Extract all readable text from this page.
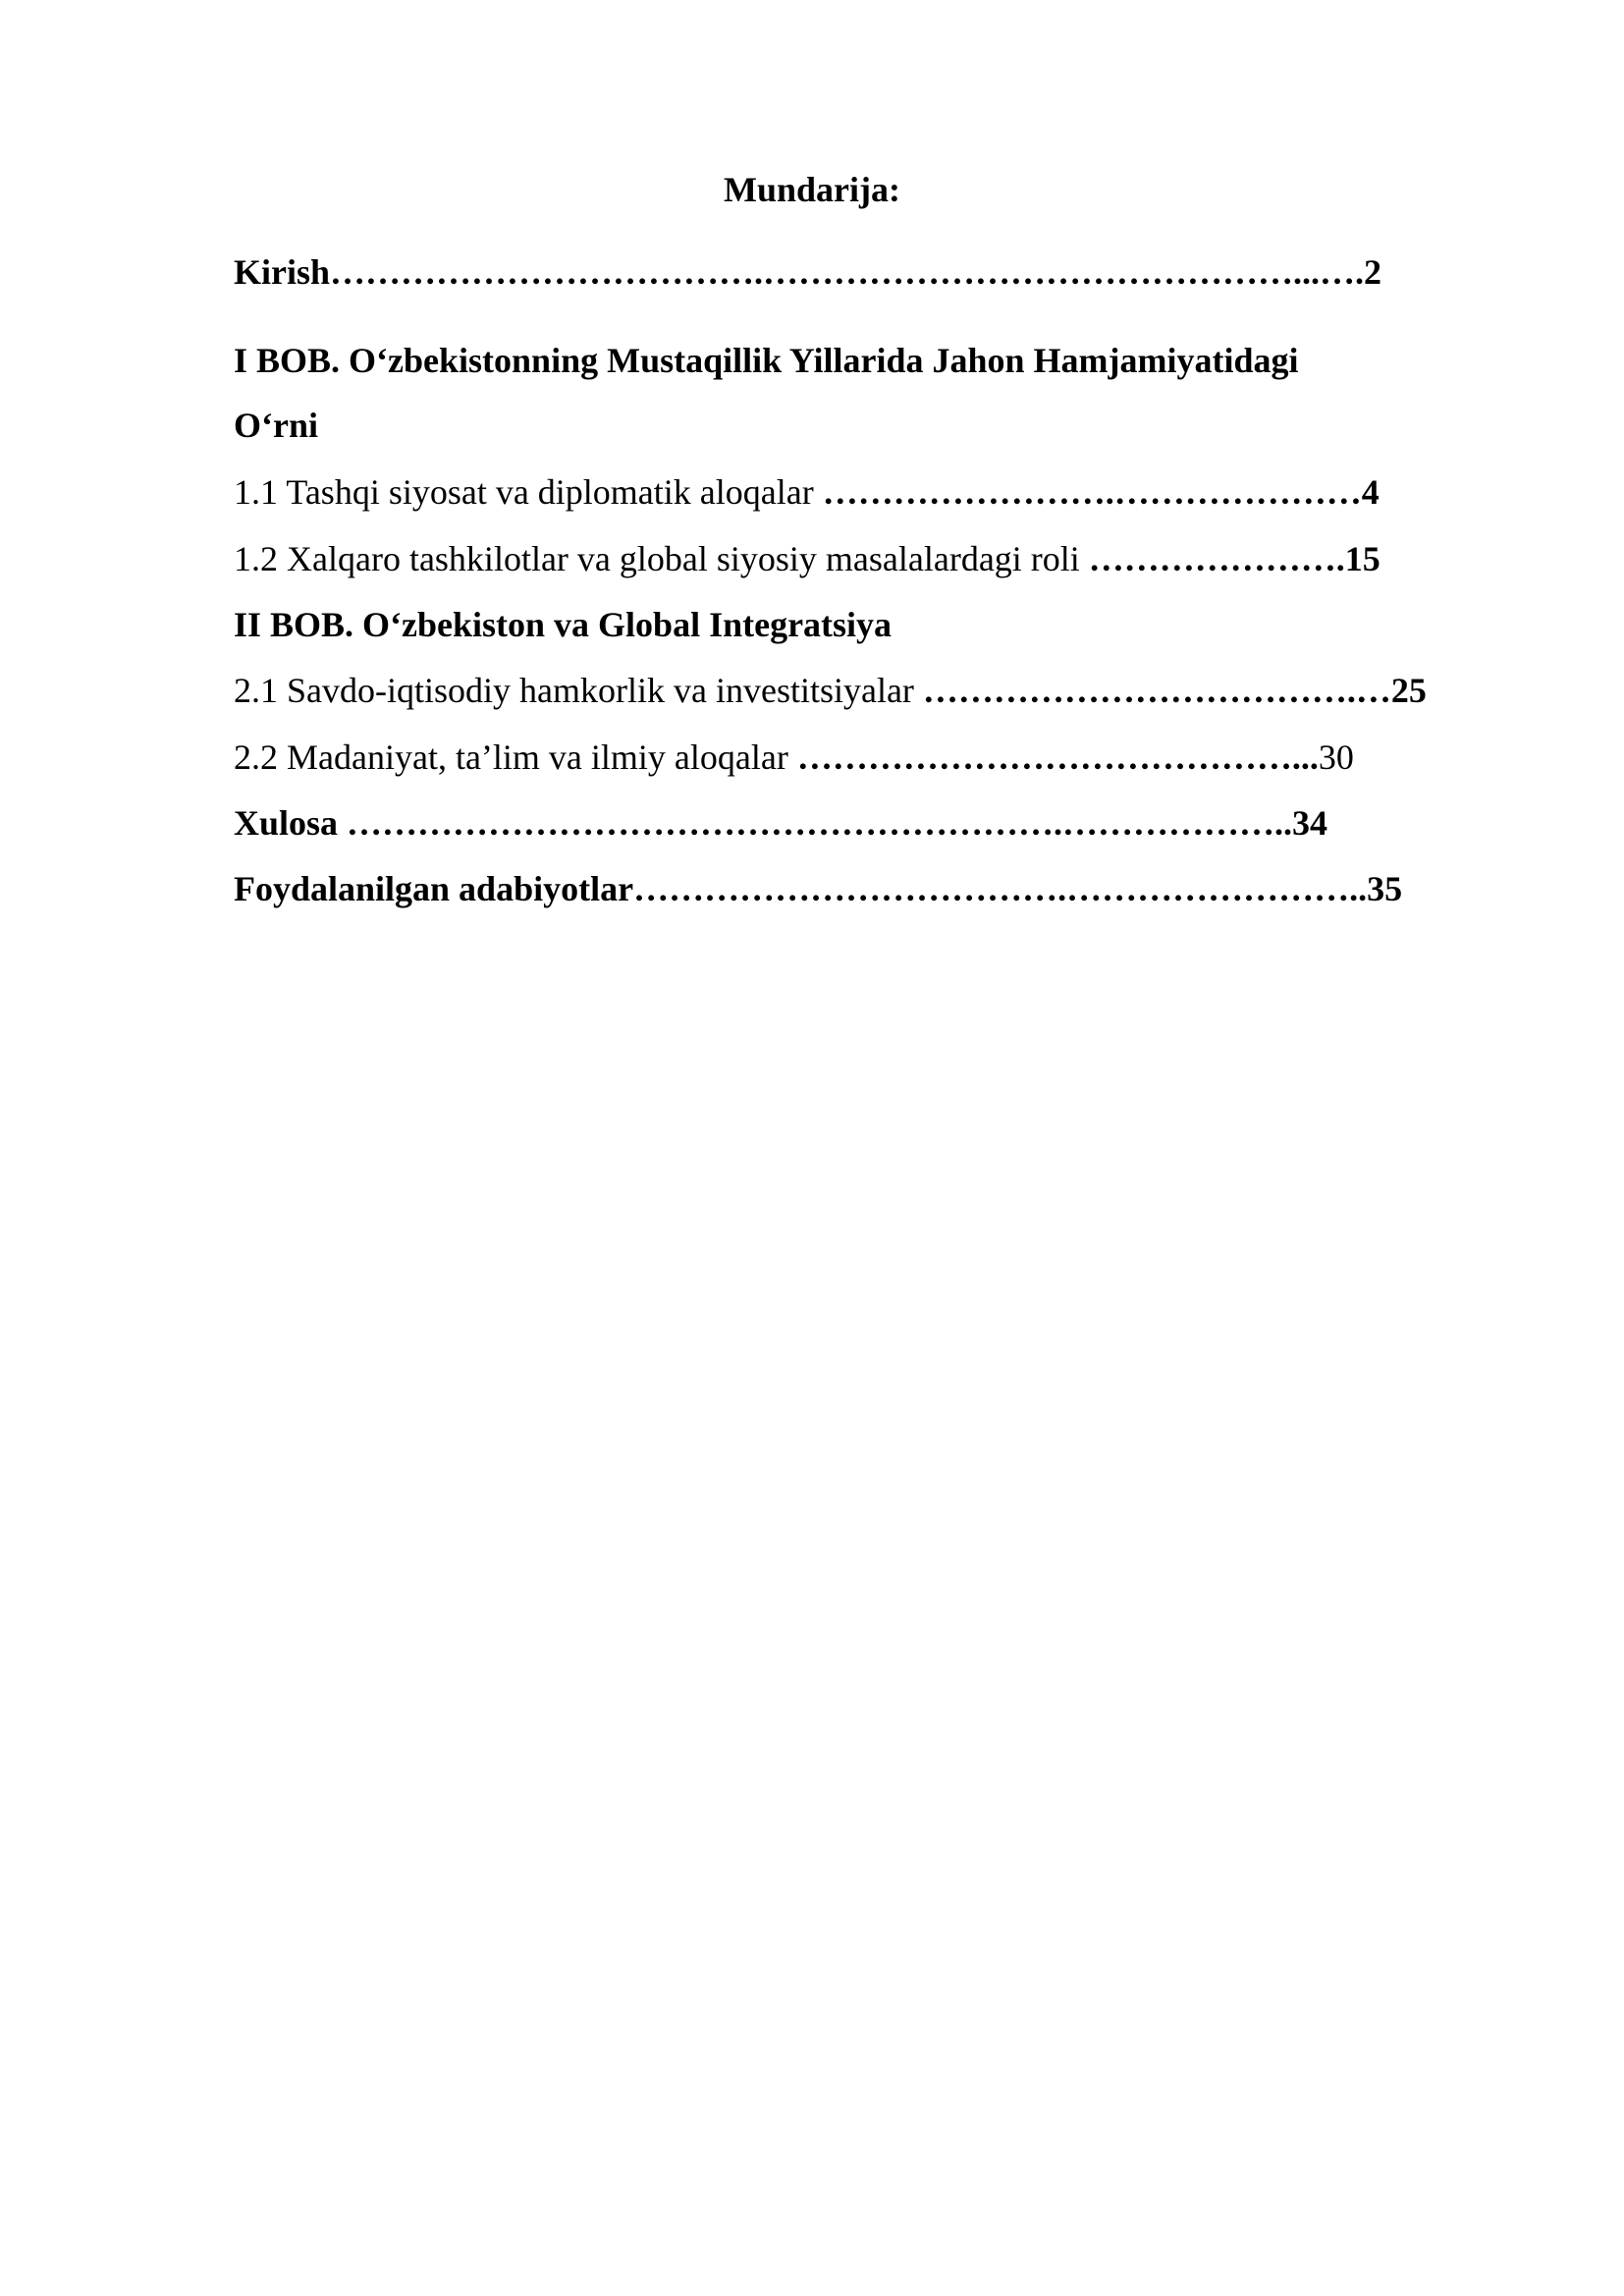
Mundarija:
Kirish……………………………….………………………………………...….2
I BOB. O‘zbekistonning Mustaqillik Yillarida Jahon Hamjamiyatidagi
O‘rni
1.1 Tashqi siyosat va diplomatik aloqalar …………………….…………………4
1.2 Xalqaro tashkilotlar va global siyosiy masalalardagi roli ………………….15
II BOB. O‘zbekiston va Global Integratsiya
2.1 Savdo-iqtisodiy hamkorlik va investitsiyalar ……………………………….…25
2.2 Madaniyat, ta’lim va ilmiy aloqalar ……………………………………...30
Xulosa …………………………………………………….………………..34
Foydalanilgan adabiyotlar……………………………….……………………..35
